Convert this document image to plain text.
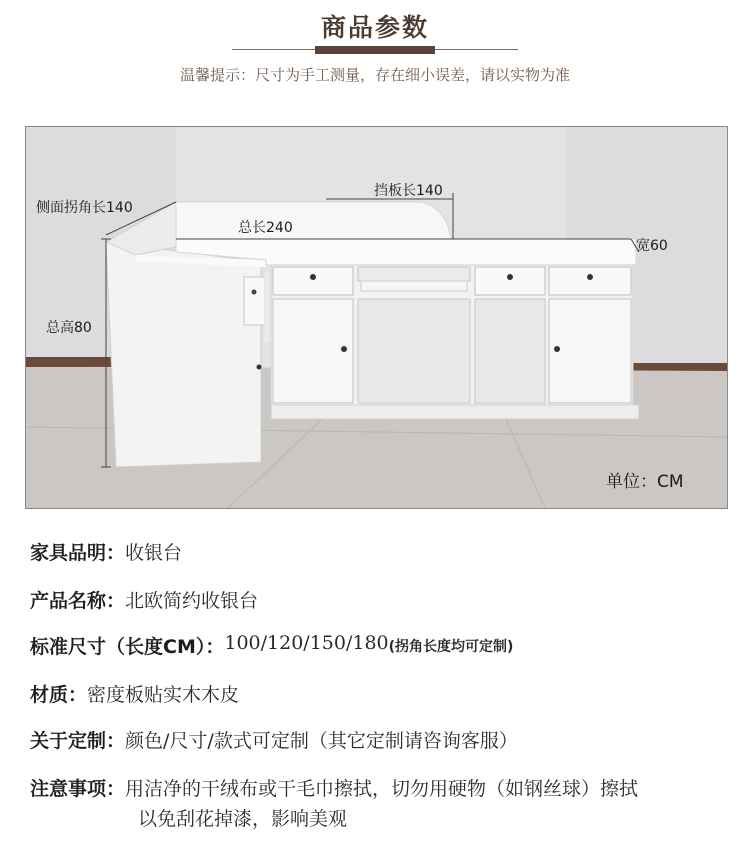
商品参数
温馨提示：尺寸为手工测量，存在细小误差，请以实物为准
侧面拐角长140
挡板长140
总长240
宽60
总高80
单位：CM
家具品明： 收银台
产品名称： 北欧简约收银台
标准尺寸（长度CM）： 100/120/150/180 (拐角长度均可定制)
材质： 密度板贴实木木皮
关于定制： 颜色/尺寸/款式可定制（其它定制请咨询客服）
注意事项：用洁净的干绒布或干毛巾擦拭，切勿用硬物（如钢丝球）擦拭
以免刮花掉漆，影响美观
